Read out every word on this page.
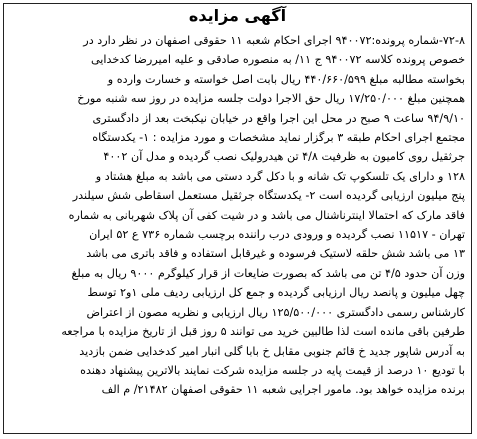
آگهی مزایده
۷۲-۸-شماره پرونده:۹۴۰۰۷۲ اجرای احکام شعبه ۱۱ حقوقی اصفهان در نظر دارد در
خصوص پرونده کلاسه ۹۴۰۰۷۲ ج ۱۱/ به منصوره صادقی و علیه امیررضا کدخدایی
بخواسته مطالبه مبلغ ۴۴۰/۶۶۰/۵۹۹ ریال بابت اصل خواسته و خسارت وارده و
همچنین مبلغ ۱۷/۲۵۰/۰۰۰ ریال حق الاجرا دولت جلسه مزایده در روز سه شنبه مورخ
۹۴/۹/۱۰ ساعت ۹ صبح در محل این اجرا واقع در خیابان نیکبخت بعد از دادگستری
مجتمع اجرای احکام طبقه ۳ برگزار نماید مشخصات و مورد مزایده : ۱- یکدستگاه
جرثقیل روی کامیون به ظرفیت ۴/۸ تن هیدرولیک نصب گردیده و مدل آن ۴۰۰۲
۱۲۸ و دارای یک تلسکوپ تک شانه و با دکل گرد دستی می باشد به مبلغ هشتاد و
پنج میلیون ارزیابی گردیده است ۲- یکدستگاه جرثقیل مستعمل اسقاطی شش سیلندر
فاقد مارک که احتمالا اینترناشنال می باشد و در شیت کفی آن پلاک شهربانی به شماره
تهران - ۱۱۵۱۷ نصب گردیده و ورودی درب راننده برچسب شماره ۷۳۶ ع ۵۲ ایران
۱۳ می باشد شش حلقه لاستیک فرسوده و غیرقابل استفاده و فاقد باتری می باشد
وزن آن حدود ۴/۵ تن می باشد که بصورت ضایعات از قرار کیلوگرم ۹۰۰۰ ریال به مبلغ
چهل میلیون و پانصد ریال ارزیابی گردیده و جمع کل ارزیابی ردیف ملی ۱و۲ توسط
کارشناس رسمی دادگستری ۱۲۵/۵۰۰/۰۰۰ ریال ارزیابی و نظریه مصون از اعتراض
طرفین باقی مانده است لذا طالبین خرید می توانند ۵ روز قبل از تاریخ مزایده با مراجعه
به آدرس شاپور جدید خ قائم جنوبی مقابل خ بابا گلی انبار امیر کدخدایی ضمن بازدید
با تودیع ۱۰ درصد از قیمت پایه در جلسه مزایده شرکت نمایند بالاترین پیشنهاد دهنده
برنده مزایده خواهد بود. مامور اجرایی شعبه ۱۱ حقوقی اصفهان ۲۱۴۸۲/ م الف
